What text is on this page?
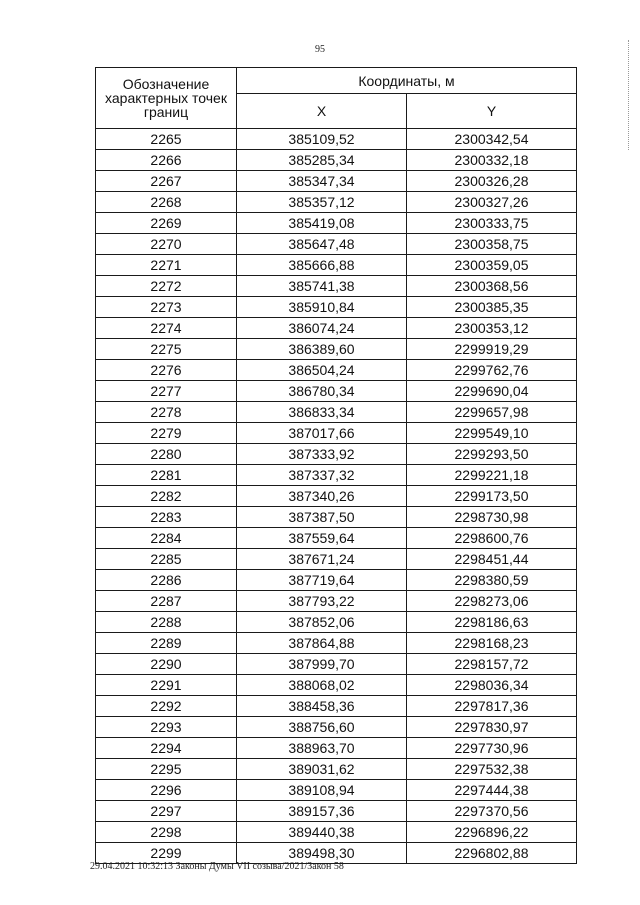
95
Обозначение характерных точек границ	Координаты, м	
	X	Y
2265	385109,52	2300342,54
2266	385285,34	2300332,18
2267	385347,34	2300326,28
2268	385357,12	2300327,26
2269	385419,08	2300333,75
2270	385647,48	2300358,75
2271	385666,88	2300359,05
2272	385741,38	2300368,56
2273	385910,84	2300385,35
2274	386074,24	2300353,12
2275	386389,60	2299919,29
2276	386504,24	2299762,76
2277	386780,34	2299690,04
2278	386833,34	2299657,98
2279	387017,66	2299549,10
2280	387333,92	2299293,50
2281	387337,32	2299221,18
2282	387340,26	2299173,50
2283	387387,50	2298730,98
2284	387559,64	2298600,76
2285	387671,24	2298451,44
2286	387719,64	2298380,59
2287	387793,22	2298273,06
2288	387852,06	2298186,63
2289	387864,88	2298168,23
2290	387999,70	2298157,72
2291	388068,02	2298036,34
2292	388458,36	2297817,36
2293	388756,60	2297830,97
2294	388963,70	2297730,96
2295	389031,62	2297532,38
2296	389108,94	2297444,38
2297	389157,36	2297370,56
2298	389440,38	2296896,22
2299	389498,30	2296802,88
29.04.2021 10:32:13 Законы Думы VII созыва/2021/Закон 58
